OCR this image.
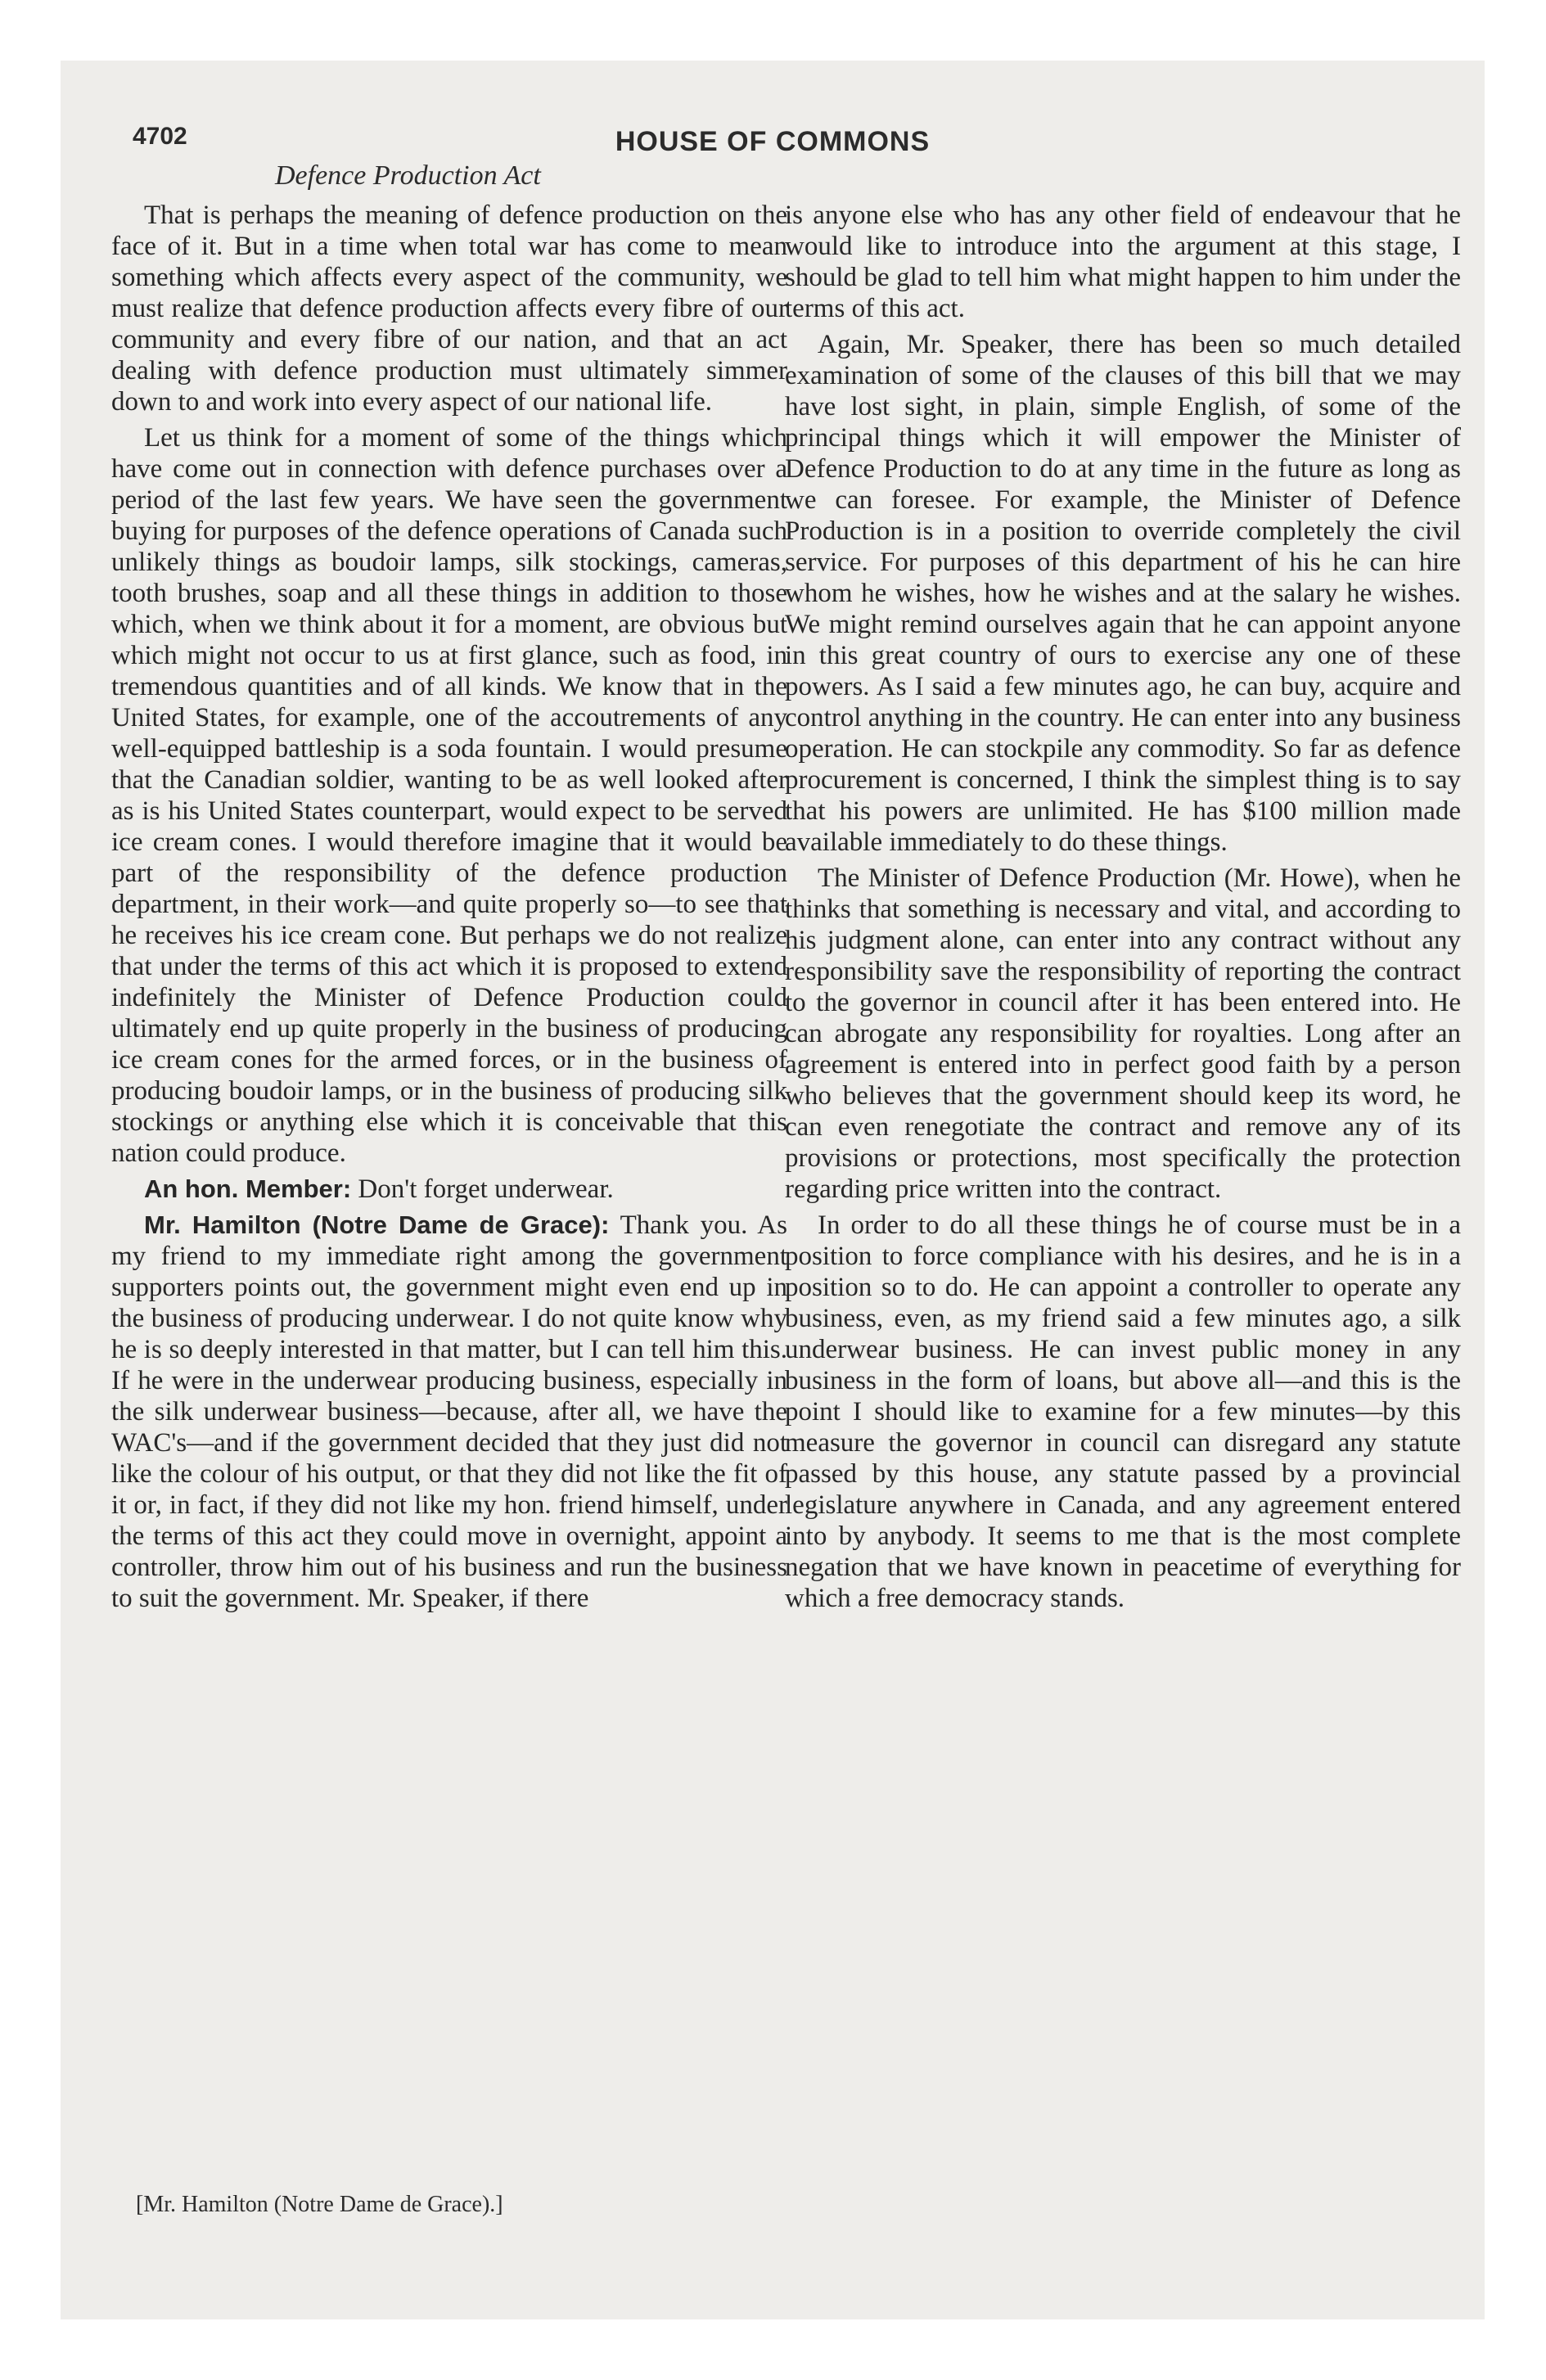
4702	HOUSE OF COMMONS
Defence Production Act

That is perhaps the meaning of defence production on the face of it. But in a time when total war has come to mean something which affects every aspect of the community, we must realize that defence production affects every fibre of our community and every fibre of our nation, and that an act dealing with defence production must ultimately simmer down to and work into every aspect of our national life.

Let us think for a moment of some of the things which have come out in connection with defence purchases over a period of the last few years. We have seen the government buying for purposes of the defence operations of Canada such unlikely things as boudoir lamps, silk stockings, cameras, tooth brushes, soap and all these things in addition to those which, when we think about it for a moment, are obvious but which might not occur to us at first glance, such as food, in tremendous quantities and of all kinds. We know that in the United States, for example, one of the accoutrements of any well-equipped battleship is a soda fountain. I would presume that the Canadian soldier, wanting to be as well looked after as is his United States counterpart, would expect to be served ice cream cones. I would therefore imagine that it would be part of the responsibility of the defence production department, in their work—and quite properly so—to see that he receives his ice cream cone. But perhaps we do not realize that under the terms of this act which it is proposed to extend indefinitely the Minister of Defence Production could ultimately end up quite properly in the business of producing ice cream cones for the armed forces, or in the business of producing boudoir lamps, or in the business of producing silk stockings or anything else which it is conceivable that this nation could produce.

An hon. Member: Don't forget underwear.

Mr. Hamilton (Notre Dame de Grace): Thank you. As my friend to my immediate right among the government supporters points out, the government might even end up in the business of producing underwear. I do not quite know why he is so deeply interested in that matter, but I can tell him this. If he were in the underwear producing business, especially in the silk underwear business—because, after all, we have the WAC's—and if the government decided that they just did not like the colour of his output, or that they did not like the fit of it or, in fact, if they did not like my hon. friend himself, under the terms of this act they could move in overnight, appoint a controller, throw him out of his business and run the business to suit the government. Mr. Speaker, if there

is anyone else who has any other field of endeavour that he would like to introduce into the argument at this stage, I should be glad to tell him what might happen to him under the terms of this act.

Again, Mr. Speaker, there has been so much detailed examination of some of the clauses of this bill that we may have lost sight, in plain, simple English, of some of the principal things which it will empower the Minister of Defence Production to do at any time in the future as long as we can foresee. For example, the Minister of Defence Production is in a position to override completely the civil service. For purposes of this department of his he can hire whom he wishes, how he wishes and at the salary he wishes. We might remind ourselves again that he can appoint anyone in this great country of ours to exercise any one of these powers. As I said a few minutes ago, he can buy, acquire and control anything in the country. He can enter into any business operation. He can stockpile any commodity. So far as defence procurement is concerned, I think the simplest thing is to say that his powers are unlimited. He has $100 million made available immediately to do these things.

The Minister of Defence Production (Mr. Howe), when he thinks that something is necessary and vital, and according to his judgment alone, can enter into any contract without any responsibility save the responsibility of reporting the contract to the governor in council after it has been entered into. He can abrogate any responsibility for royalties. Long after an agreement is entered into in perfect good faith by a person who believes that the government should keep its word, he can even renegotiate the contract and remove any of its provisions or protections, most specifically the protection regarding price written into the contract.

In order to do all these things he of course must be in a position to force compliance with his desires, and he is in a position so to do. He can appoint a controller to operate any business, even, as my friend said a few minutes ago, a silk underwear business. He can invest public money in any business in the form of loans, but above all—and this is the point I should like to examine for a few minutes—by this measure the governor in council can disregard any statute passed by this house, any statute passed by a provincial legislature anywhere in Canada, and any agreement entered into by anybody. It seems to me that is the most complete negation that we have known in peacetime of everything for which a free democracy stands.

[Mr. Hamilton (Notre Dame de Grace).]
